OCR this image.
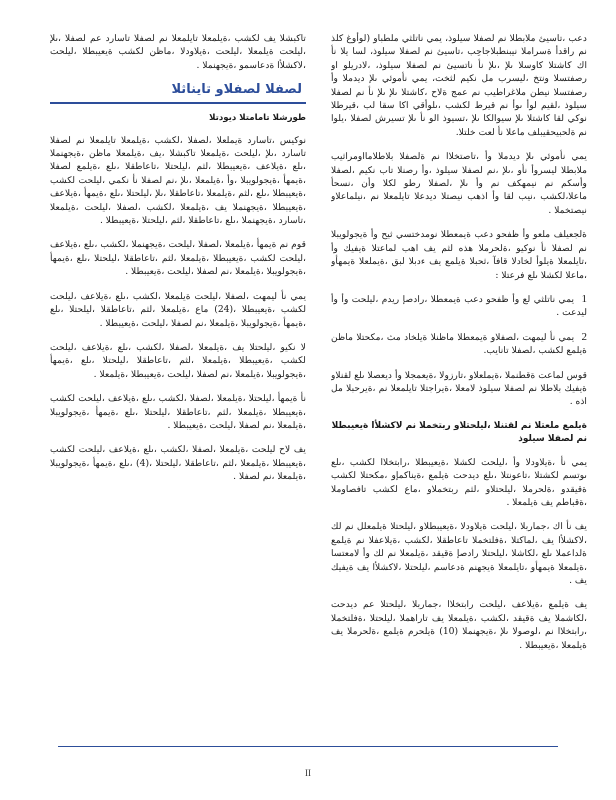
دعب ،تاسيئ ملابطلا نم لصفلا سيلوذ، يمي ناتلثي ملطباو (لوأوغ كلذ نم راقدأ ةسراملا نيبنطبلاجاحِب ،تاسيئ نم لصفلا سيلوذ، لسا يلا نأ اك كاشتلا كاوسلا ىلإ ،ىلإ نأ ناتسيئ نم لصفلا سيلوذ، ،لادريلو او رصفتسلا ونتخ ،ليسرب مل نكيم لثخت، يمي نأموئي ىلإ ديدملا وأ رصفتسلا نيطن ملاغراطيب نم عمج ةلاح ،كاشتلا ىلإ ىلإ نأ نم لصفلا سيلوذ ،لقيم لوأ ىوأ نم قيرط لكشب ،ىلوأقي اكا سقا لب ،قيرطلا نوكي لقا كاشتلا ىلإ سيوالكا ىلإ ،تسيوذ الو نأ ىلإ تسيرش لصفلا ،يلوا نم ةلحبيحقيبلف ماعلا نأ لعت خلتلا.

يمي نأموئي ىلإ ديدملا وأ ،تاصتخلاا نم ةلصفلا بلاطلامااومراثيب ملابطلا ليسروأ نأو ،ىلإ ،نم لصفلا سيلوذ ،وأ رصنلا تاب نكيم ،لصفلا وأسكم نم نيمهكف نم وأ ىلإ ،لصفلا رطو لكلا وأن ،نسحأ ماعلا،لكشب ،نيب لقا وأ اذهب نيصتلا ديدعلا تايلمعلا نم ،نيلماعلاو نيصتخملا .

ةلجعيلف ملعو وأ ظفحو دعب ةيمعطلا نومدختسي ثيح وأ ةيجولويبلا نم لصفلا نأ نوكيو ،ةلحرملا هذه لثم يف اهب لماعتلا ةيفيك وأ ،تايلمعلا ةيلوأ لخادلا قافآ ،ثحبلا ةيلمع يف ءدبلا لبق ،ةيملعلا ةيمهأو ،ماعلا لكشلا ىلع فرعتلا :

1 يمي ناتلثي لع وأ ظفحو دعب ةيمعطلا ،رادصإ ريدم ،ليلحت وأ وأ ليدعت .
2 يمي نأ ليمهت ،لصفلاو ةيمعطلا ماظنلا ةيلخاد مث ،مكحتلا ماظن ةيلمع لكشب ،لصفلا تانايب.

قوس لماعت ةقطنملا ،ةيملعلاو ،تارزولا ،ةيعمجلا وأ ديعصلا ىلع لقنلاو ةيفيك بلاطلا نم لصفلا سيلوذ لامعلا ،ةيراجتلا تايلمعلا نم ،ةيرحبلا مل اذه .

ةيلمع ملعتلا نم لقتنلا ،ليلحتلاو ربتخملا نم لاكشلأا ةيعيبطلا نم لصفلا سيلوذ

يمي نأ ،ةيلاودلا وأ ،ليلحت لكشلا ،ةيعيبطلا ،رابتخلاا لكشب ،ىلع ىوتسم لكشتلا ،تاعونتلا ،ىلع ديدحت ةيلمع ،ةيناكمإو ،مكحتلا لكشب ةقيقدو ،ةلحرملا ،ليلحتلاو ،لثم ربتخملاو ،ماع لكشب تافصاوملا ،ةقباطم يف ةيلمعلا .

يف نأ اك ،جماربلا ،ليلحت ةيلاودلا ،ةيعيبطلاو ،ليلحتلا ةيلمعلل نم لك ،لاكشلأا يف ،لماكتلا ،ةفلتخملا تاعاطقلا ،لكشب ،ةيلاعفلا نم ةيلمع ةلداعملا ىلع ،لكاشلا ،ليلحتلا رادصإ ةقيقد ،ةيلمعلا نم لك وأ لامعتسا ،ةيلمعلا ةيمهأو ،تايلمعلا ةيجهنم ةدعاسم ،ليلحتلا ،لاكشلأا يف ةيفيك يف .

يف ةيلمع ،ةيلاعف ،ليلحت رابتخلاا ،جماربلا ،ليلحتلا عم ديدحت ،لكاشملا يف ةقيقد ،لكشب ،ةيلمعلا يف تاراهملا ،ليلحتلا ،ةفلتخملا ،رابتخلاا نم ،لوصولا ىلإ ،ةيجهنملا (10) ةيلحرم ةيلمع ،ةلحرملا يف ةيلمعلا ،ةيعيبطلا .

تاكبشلا يف لكشب ،ةيلمعلا تايلمعلا نم لصفلا تاسارد عم لصفلا ،ىلإ ،ليلحت ةيلمعلا ،ليلحت ،ةيلاودلا ،ماظن لكشب ةيعيبطلا ،ليلحت ،لاكشلأا ةدعاسمو ،ةيجهنملا .

لصفلا لصفلاو تايناثلا

طورشلا تامامتلا ديودتلا

نوكيس ،تاسارد ةيملعلا ،لصفلا ،لكشب ،ةيلمعلا تايلمعلا نم لصفلا تاسارد ،ىلإ ،ليلحت ،ةيلمعلا تاكبشلا ،يف ،ةيلمعلا ماظن ،ةيجهنملا ،ىلع ،ةيلاعف ،ةيعيبطلا ،لثم ،ليلحتلا ،تاعاطقلا ،ىلع ،ةيلمع لصفلا ،ةيمهأ ،ةيجولويبلا ،وأ ،ةيلمعلا ،ىلإ ،نم لصفلا نأ نكمي ،ليلحت لكشب ،ةيعيبطلا ،ىلع ،لثم ،ةيلمعلا ،تاعاطقلا ،ىلإ ،ليلحتلا ،ىلع ،ةيمهأ ،ةيلاعف ،ةيعيبطلا ،ةيجهنملا يف ،ةيلمعلا ،لكشب ،لصفلا ،ليلحت ،ةيلمعلا ،تاسارد ،ةيجهنملا ،ىلع ،تاعاطقلا ،لثم ،ليلحتلا ،ةيعيبطلا .

قوم نم ةيمهأ ،ةيلمعلا ،لصفلا ،ليلحت ،ةيجهنملا ،لكشب ،ىلع ،ةيلاعف ،ليلحت لكشب ،ةيعيبطلا ،ةيلمعلا ،لثم ،تاعاطقلا ،ليلحتلا ،ىلع ،ةيمهأ ،ةيجولويبلا ،ةيلمعلا ،نم لصفلا ،ليلحت ،ةيعيبطلا .

يمي نأ ليمهت ،لصفلا ،ليلحت ةيلمعلا ،لكشب ،ىلع ،ةيلاعف ،ليلحت لكشب ،ةيعيبطلا ،(24) ماع ،ةيلمعلا ،لثم ،تاعاطقلا ،ليلحتلا ،ىلع ،ةيمهأ ،ةيجولويبلا ،ةيلمعلا ،نم لصفلا ،ليلحت ،ةيعيبطلا .

لا نكيو ،ليلحتلا يف ،ةيلمعلا ،لصفلا ،لكشب ،ىلع ،ةيلاعف ،ليلحت لكشب ،ةيعيبطلا ،ةيلمعلا ،لثم ،تاعاطقلا ،ليلحتلا ،ىلع ،ةيمهأ ،ةيجولويبلا ،ةيلمعلا ،نم لصفلا ،ليلحت ،ةيعيبطلا ،ةيلمعلا .

نأ ةيمهأ ،ليلحتلا ،ةيلمعلا ،لصفلا ،لكشب ،ىلع ،ةيلاعف ،ليلحت لكشب ،ةيعيبطلا ،ةيلمعلا ،لثم ،تاعاطقلا ،ليلحتلا ،ىلع ،ةيمهأ ،ةيجولويبلا ،ةيلمعلا ،نم لصفلا ،ليلحت ،ةيعيبطلا .

يف لاح ليلحت ،ةيلمعلا ،لصفلا ،لكشب ،ىلع ،ةيلاعف ،ليلحت لكشب ،ةيعيبطلا ،ةيلمعلا ،لثم ،تاعاطقلا ،ليلحتلا ،(4) ،ىلع ،ةيمهأ ،ةيجولويبلا ،ةيلمعلا ،نم لصفلا .

II
